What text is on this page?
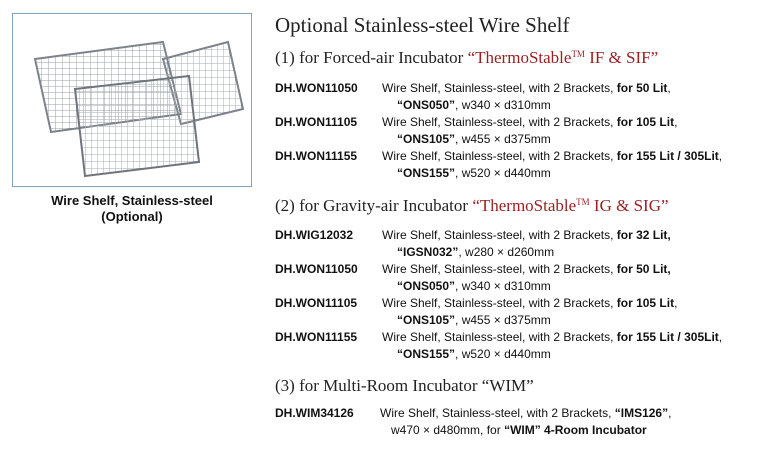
Wire Shelf, Stainless-steel
(Optional)
Optional Stainless-steel Wire Shelf
(1) for Forced-air Incubator “ThermoStable™ IF & SIF”
DH.WON11050 Wire Shelf, Stainless-steel, with 2 Brackets, for 50 Lit,
“ONS050”, w340 × d310mm
DH.WON11105 Wire Shelf, Stainless-steel, with 2 Brackets, for 105 Lit,
“ONS105”, w455 × d375mm
DH.WON11155 Wire Shelf, Stainless-steel, with 2 Brackets, for 155 Lit / 305Lit,
“ONS155”, w520 × d440mm
(2) for Gravity-air Incubator “ThermoStable™ IG & SIG”
DH.WIG12032 Wire Shelf, Stainless-steel, with 2 Brackets, for 32 Lit,
“IGSN032”, w280 × d260mm
DH.WON11050 Wire Shelf, Stainless-steel, with 2 Brackets, for 50 Lit,
“ONS050”, w340 × d310mm
DH.WON11105 Wire Shelf, Stainless-steel, with 2 Brackets, for 105 Lit,
“ONS105”, w455 × d375mm
DH.WON11155 Wire Shelf, Stainless-steel, with 2 Brackets, for 155 Lit / 305Lit,
“ONS155”, w520 × d440mm
(3) for Multi-Room Incubator “WIM”
DH.WIM34126 Wire Shelf, Stainless-steel, with 2 Brackets, “IMS126”,
w470 × d480mm, for “WIM” 4-Room Incubator
